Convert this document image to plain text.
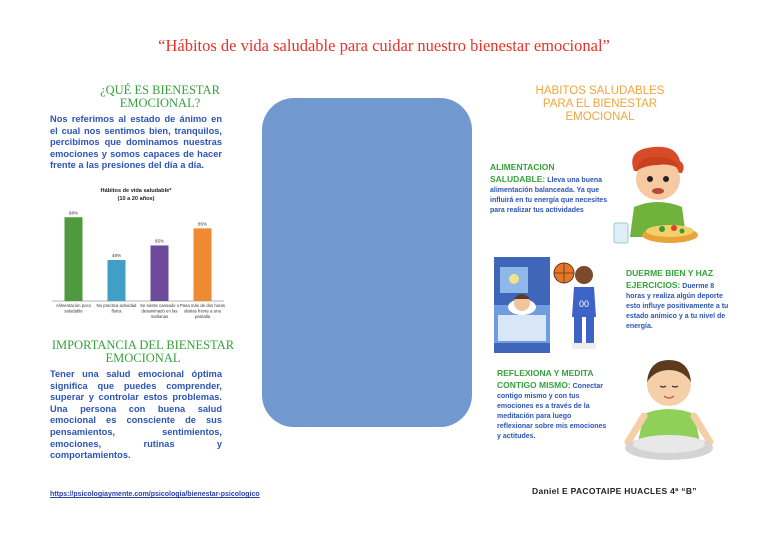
“Hábitos de vida saludable para cuidar nuestro bienestar emocional”
¿QUÉ ES BIENESTAR EMOCIONAL?
Nos referimos al estado de ánimo en el cual nos sentimos bien, tranquilos, percibimos que dominamos nuestras emociones y somos capaces de hacer frente a las presiones del día a día.
Hábitos de vida saludable*
(10 a 20 años)
98%
Alimentación poco saludable
48%
No practica actividad física
65%
Se siente cansado o desanimado en las mañanas
85%
Pasa más de dos horas diarias frente a una pantalla
IMPORTANCIA DEL BIENESTAR EMOCIONAL
Tener una salud emocional óptima significa que puedes comprender, superar y controlar estos problemas. Una persona con buena salud emocional es consciente de sus pensamientos, sentimientos, emociones, rutinas y comportamientos.
https://psicologiaymente.com/psicologia/bienestar-psicologico
HABITOS SALUDABLES PARA EL BIENESTAR EMOCIONAL
ALIMENTACION SALUDABLE: Lleva una buena alimentación balanceada. Ya que influirá en tu energía que necesites para realizar tus actividades
00
DUERME BIEN Y HAZ EJERCICIOS: Duerme 8 horas y realiza algún deporte esto influye positivamente a tu estado anímico y a tu nivel de energía.
REFLEXIONA Y MEDITA CONTIGO MISMO: Conectar contigo mismo y con tus emociones es a través de la meditación para luego reflexionar sobre mis emociones y actitudes.
Daniel E PACOTAIPE HUACLES 4ª “B”
